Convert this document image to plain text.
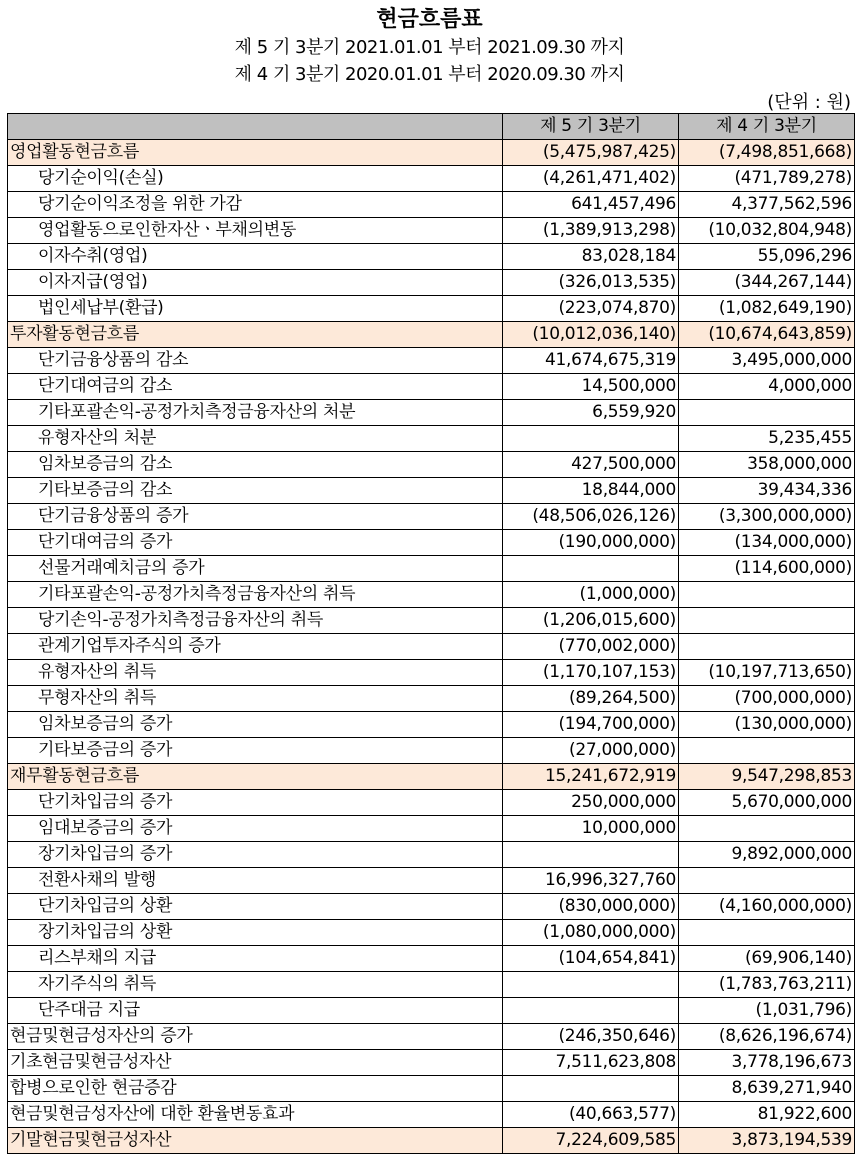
현금흐름표
제 5 기 3분기 2021.01.01 부터 2021.09.30 까지
제 4 기 3분기 2020.01.01 부터 2020.09.30 까지
(단위 : 원)
	제 5 기 3분기	제 4 기 3분기
영업활동현금흐름	(5,475,987,425)	(7,498,851,668)
당기순이익(손실)	(4,261,471,402)	(471,789,278)
당기순이익조정을 위한 가감	641,457,496	4,377,562,596
영업활동으로인한자산ㆍ부채의변동	(1,389,913,298)	(10,032,804,948)
이자수취(영업)	83,028,184	55,096,296
이자지급(영업)	(326,013,535)	(344,267,144)
법인세납부(환급)	(223,074,870)	(1,082,649,190)
투자활동현금흐름	(10,012,036,140)	(10,674,643,859)
단기금융상품의 감소	41,674,675,319	3,495,000,000
단기대여금의 감소	14,500,000	4,000,000
기타포괄손익-공정가치측정금융자산의 처분	6,559,920	
유형자산의 처분		5,235,455
임차보증금의 감소	427,500,000	358,000,000
기타보증금의 감소	18,844,000	39,434,336
단기금융상품의 증가	(48,506,026,126)	(3,300,000,000)
단기대여금의 증가	(190,000,000)	(134,000,000)
선물거래예치금의 증가		(114,600,000)
기타포괄손익-공정가치측정금융자산의 취득	(1,000,000)	
당기손익-공정가치측정금융자산의 취득	(1,206,015,600)	
관계기업투자주식의 증가	(770,002,000)	
유형자산의 취득	(1,170,107,153)	(10,197,713,650)
무형자산의 취득	(89,264,500)	(700,000,000)
임차보증금의 증가	(194,700,000)	(130,000,000)
기타보증금의 증가	(27,000,000)	
재무활동현금흐름	15,241,672,919	9,547,298,853
단기차입금의 증가	250,000,000	5,670,000,000
임대보증금의 증가	10,000,000	
장기차입금의 증가		9,892,000,000
전환사채의 발행	16,996,327,760	
단기차입금의 상환	(830,000,000)	(4,160,000,000)
장기차입금의 상환	(1,080,000,000)	
리스부채의 지급	(104,654,841)	(69,906,140)
자기주식의 취득		(1,783,763,211)
단주대금 지급		(1,031,796)
현금및현금성자산의 증가	(246,350,646)	(8,626,196,674)
기초현금및현금성자산	7,511,623,808	3,778,196,673
합병으로인한 현금증감		8,639,271,940
현금및현금성자산에 대한 환율변동효과	(40,663,577)	81,922,600
기말현금및현금성자산	7,224,609,585	3,873,194,539
